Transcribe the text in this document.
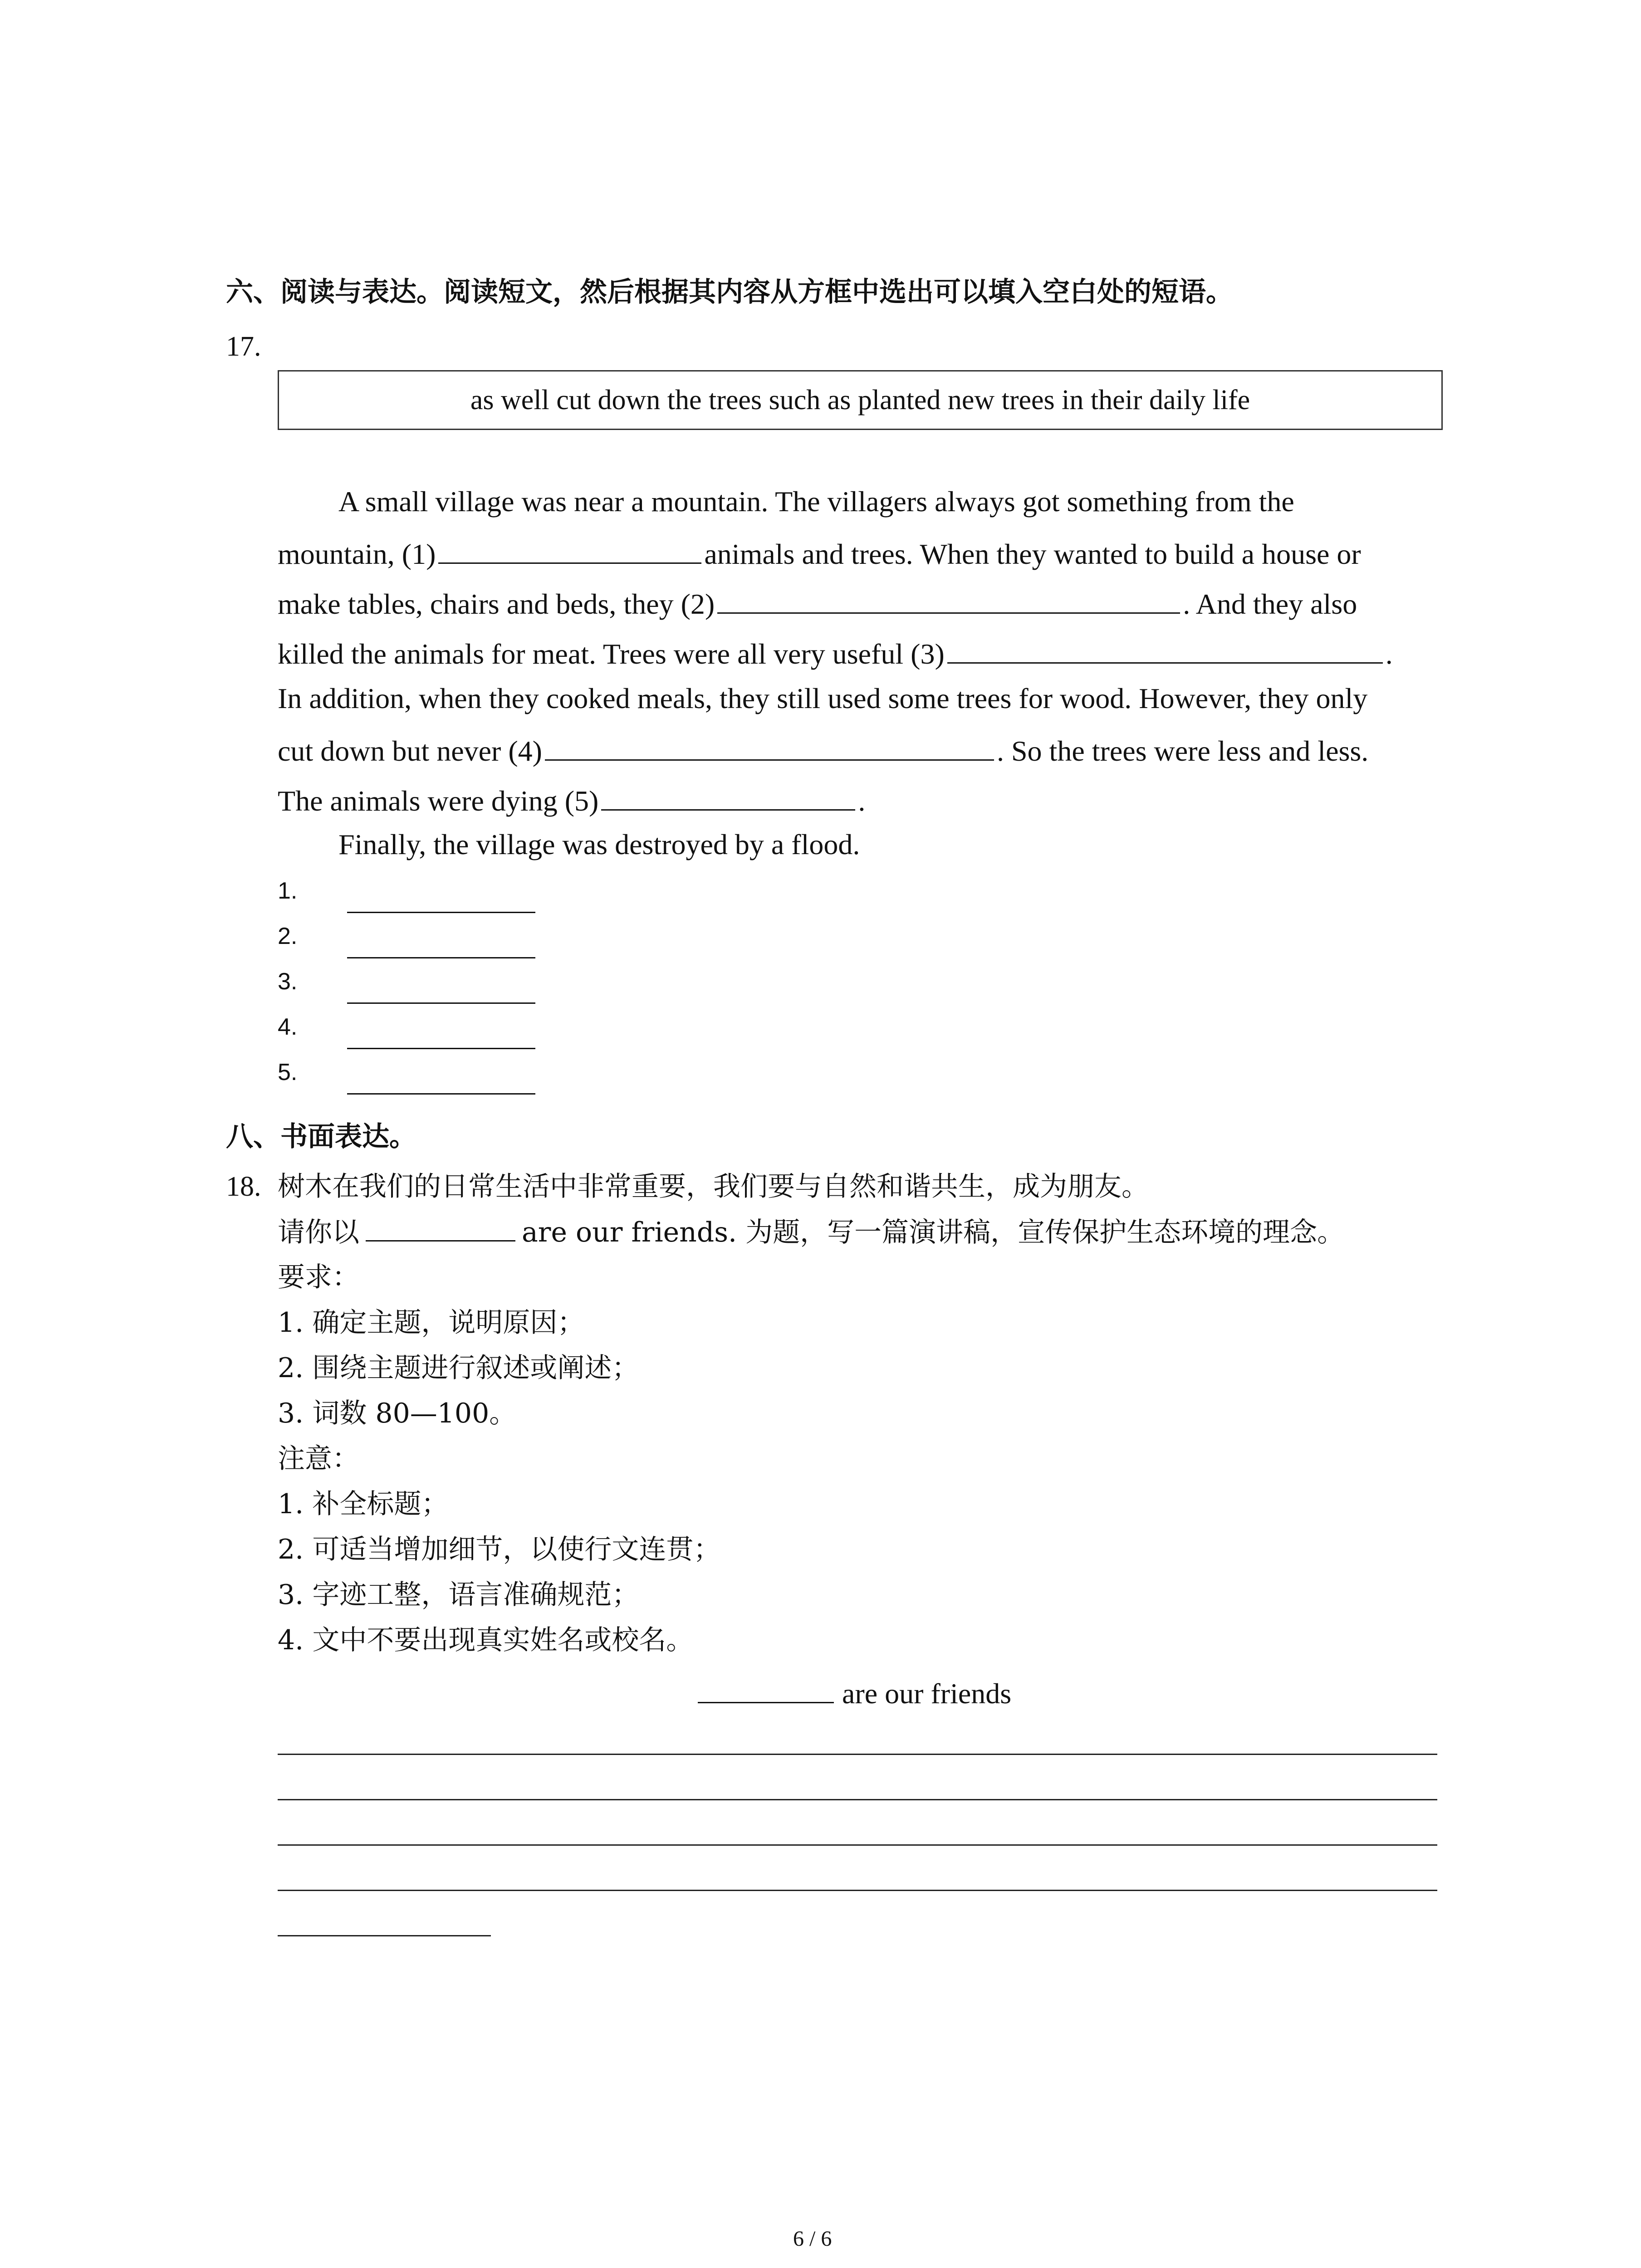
六、阅读与表达。阅读短文，然后根据其内容从方框中选出可以填入空白处的短语。
17.
as well cut down the trees such as planted new trees in their daily life
A small village was near a mountain. The villagers always got something from the
mountain, (1)	animals and trees. When they wanted to build a house or
make tables, chairs and beds, they (2)	. And they also
killed the animals for meat. Trees were all very useful (3)	.
In addition, when they cooked meals, they still used some trees for wood. However, they only
cut down but never (4)	. So the trees were less and less.
The animals were dying (5)	.
Finally, the village was destroyed by a flood.
1.
2.
3.
4.
5.
八、书面表达。
18. 树木在我们的日常生活中非常重要，我们要与自然和谐共生，成为朋友。
请你以	are our friends. 为题，写一篇演讲稿，宣传保护生态环境的理念。
要求：
1. 确定主题，说明原因；
2. 围绕主题进行叙述或阐述；
3. 词数 80—100。
注意：
1. 补全标题；
2. 可适当增加细节，以使行文连贯；
3. 字迹工整，语言准确规范；
4. 文中不要出现真实姓名或校名。
are our friends
6 / 6
